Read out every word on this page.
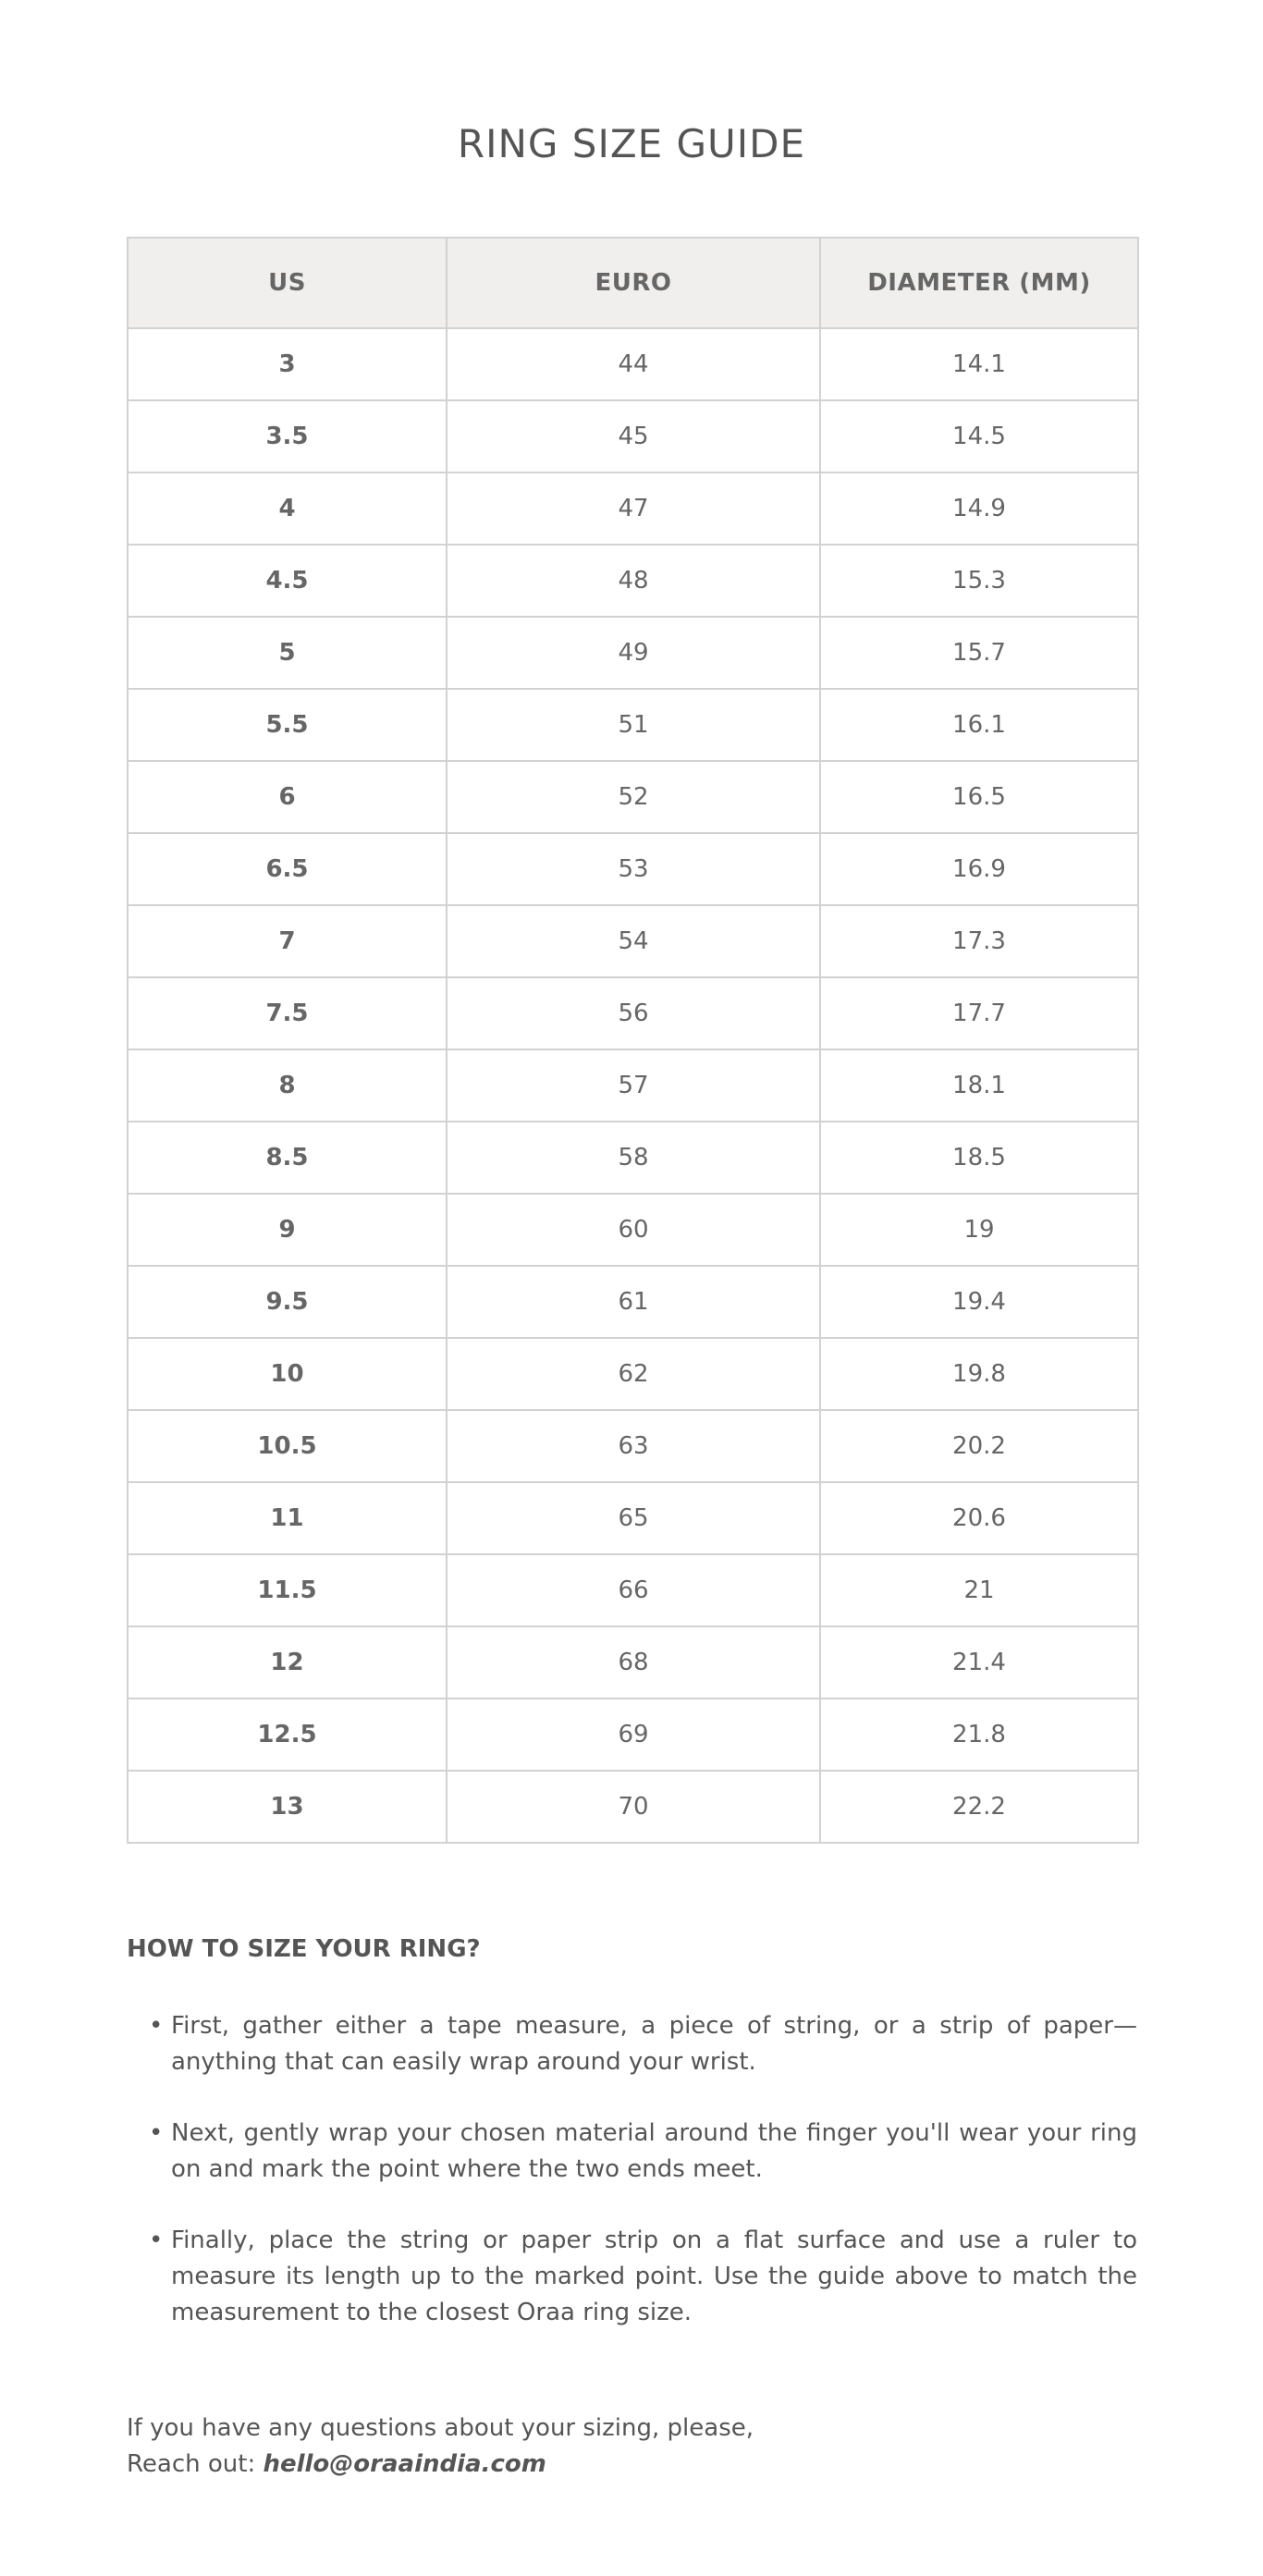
RING SIZE GUIDE
US	EURO	DIAMETER (MM)
3	44	14.1
3.5	45	14.5
4	47	14.9
4.5	48	15.3
5	49	15.7
5.5	51	16.1
6	52	16.5
6.5	53	16.9
7	54	17.3
7.5	56	17.7
8	57	18.1
8.5	58	18.5
9	60	19
9.5	61	19.4
10	62	19.8
10.5	63	20.2
11	65	20.6
11.5	66	21
12	68	21.4
12.5	69	21.8
13	70	22.2
HOW TO SIZE YOUR RING?
• First, gather either a tape measure, a piece of string, or a strip of paper—anything that can easily wrap around your wrist.
• Next, gently wrap your chosen material around the finger you'll wear your ring on and mark the point where the two ends meet.
• Finally, place the string or paper strip on a flat surface and use a ruler to measure its length up to the marked point. Use the guide above to match the measurement to the closest Oraa ring size.
If you have any questions about your sizing, please,
Reach out: hello@oraaindia.com
